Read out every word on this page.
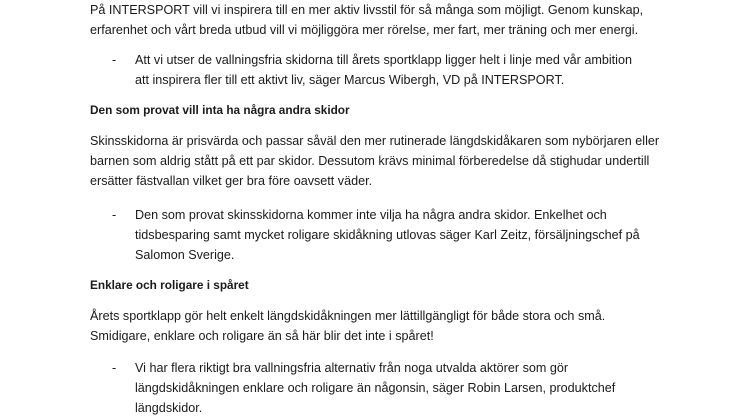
På INTERSPORT vill vi inspirera till en mer aktiv livsstil för så många som möjligt. Genom kunskap,
erfarenhet och vårt breda utbud vill vi möjliggöra mer rörelse, mer fart, mer träning och mer energi.

- Att vi utser de vallningsfria skidorna till årets sportklapp ligger helt i linje med vår ambition
att inspirera fler till ett aktivt liv, säger Marcus Wibergh, VD på INTERSPORT.

Den som provat vill inta ha några andra skidor

Skinsskidorna är prisvärda och passar såväl den mer rutinerade längdskidåkaren som nybörjaren eller
barnen som aldrig stått på ett par skidor. Dessutom krävs minimal förberedelse då stighudar undertill
ersätter fästvallan vilket ger bra före oavsett väder.

- Den som provat skinsskidorna kommer inte vilja ha några andra skidor. Enkelhet och
tidsbesparing samt mycket roligare skidåkning utlovas säger Karl Zeitz, försäljningschef på
Salomon Sverige.

Enklare och roligare i spåret

Årets sportklapp gör helt enkelt längdskidåkningen mer lättillgängligt för både stora och små.
Smidigare, enklare och roligare än så här blir det inte i spåret!

- Vi har flera riktigt bra vallningsfria alternativ från noga utvalda aktörer som gör
längdskidåkningen enklare och roligare än någonsin, säger Robin Larsen, produktchef
längdskidor.
